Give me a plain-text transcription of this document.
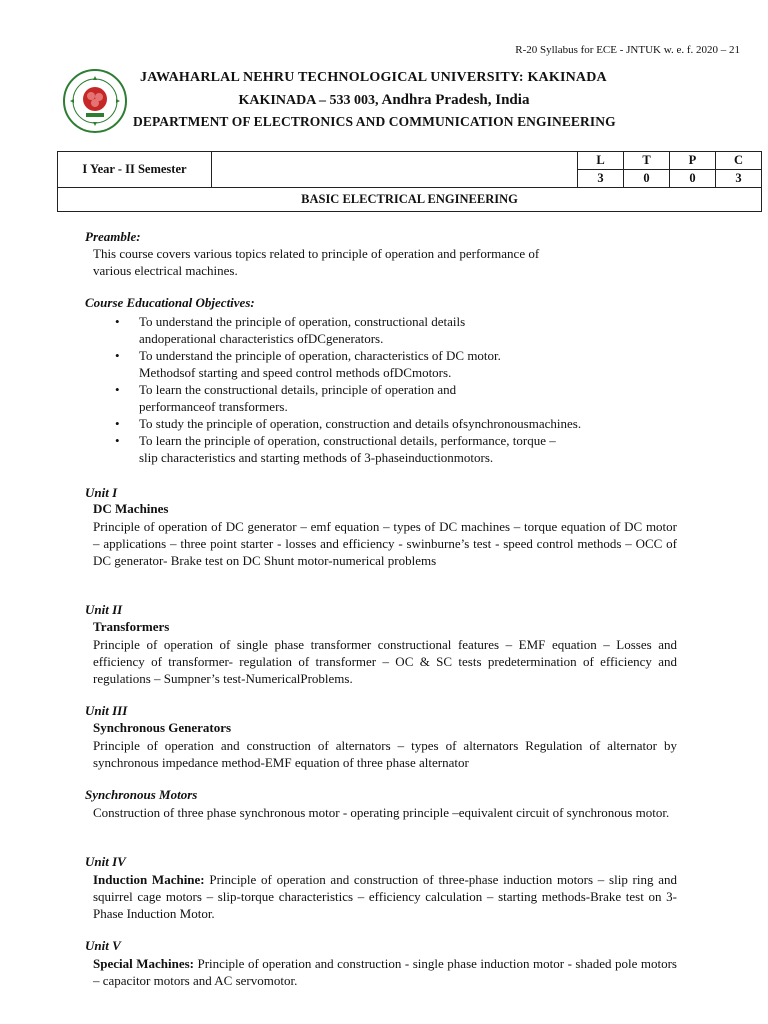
R-20 Syllabus for ECE - JNTUK w. e. f. 2020 – 21
JAWAHARLAL NEHRU TECHNOLOGICAL UNIVERSITY: KAKINADA
KAKINADA – 533 003, Andhra Pradesh, India
DEPARTMENT OF ELECTRONICS AND COMMUNICATION ENGINEERING
I Year - II Semester		L	T	P	C
		3	0	0	3
BASIC ELECTRICAL ENGINEERING					
Preamble:
This course covers various topics related to principle of operation and performance of
various electrical machines.
Course Educational Objectives:
• To understand the principle of operation, constructional details
andoperational characteristics ofDCgenerators.
• To understand the principle of operation, characteristics of DC motor.
Methodsof starting and speed control methods ofDCmotors.
• To learn the constructional details, principle of operation and
performanceof transformers.
• To study the principle of operation, construction and details ofsynchronousmachines.
• To learn the principle of operation, constructional details, performance, torque –
slip characteristics and starting methods of 3-phaseinductionmotors.
Unit I
DC Machines
Principle of operation of DC generator – emf equation – types of DC machines – torque equation of DC motor – applications – three point starter - losses and efficiency - swinburne’s test - speed control methods – OCC of DC generator- Brake test on DC Shunt motor-numerical problems
Unit II
Transformers
Principle of operation of single phase transformer constructional features – EMF equation – Losses and efficiency of transformer- regulation of transformer – OC & SC tests predetermination of efficiency and regulations – Sumpner’s test-NumericalProblems.
Unit III
Synchronous Generators
Principle of operation and construction of alternators – types of alternators Regulation of alternator by synchronous impedance method-EMF equation of three phase alternator
Synchronous Motors
Construction of three phase synchronous motor - operating principle –equivalent circuit of synchronous motor.
Unit IV
Induction Machine: Principle of operation and construction of three-phase induction motors – slip ring and squirrel cage motors – slip-torque characteristics – efficiency calculation – starting methods-Brake test on 3-Phase Induction Motor.
Unit V
Special Machines: Principle of operation and construction - single phase induction motor - shaded pole motors – capacitor motors and AC servomotor.
